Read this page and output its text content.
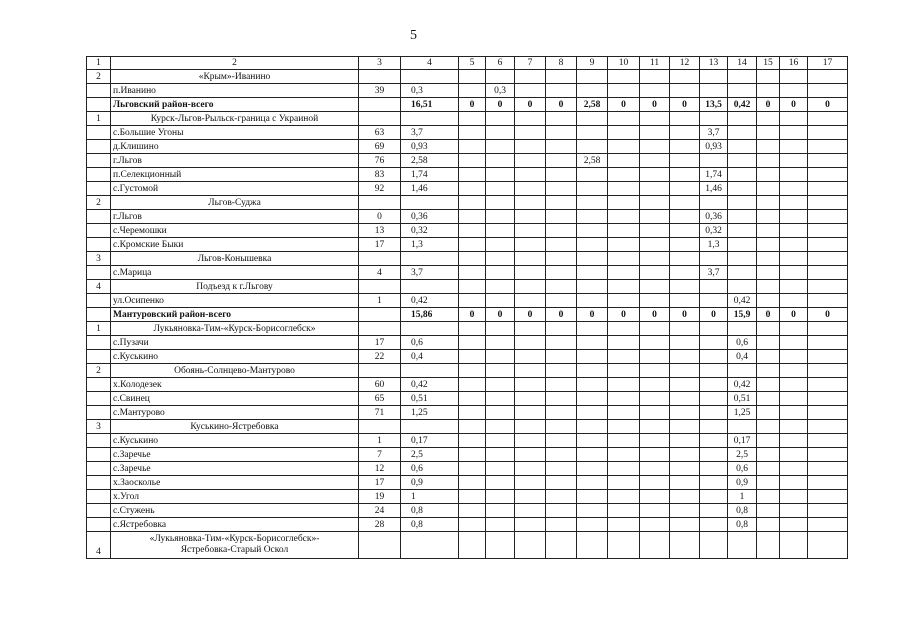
5
1	2	3	4	5	6	7	8	9	10	11	12	13	14	15	16	17
2	«Крым»-Иванино															
	п.Иванино	39	0,3		0,3											
	Льговский район-всего		16,51	0	0	0	0	2,58	0	0	0	13,5	0,42	0	0	0
1	Курск-Льгов-Рыльск-граница с Украиной															
	с.Большие Угоны	63	3,7									3,7				
	д.Клишино	69	0,93									0,93				
	г.Льгов	76	2,58					2,58								
	п.Селекционный	83	1,74									1,74				
	с.Густомой	92	1,46									1,46				
2	Льгов-Суджа															
	г.Льгов	0	0,36									0,36				
	с.Черемошки	13	0,32									0,32				
	с.Кромские Быки	17	1,3									1,3				
3	Льгов-Конышевка															
	с.Марица	4	3,7									3,7				
4	Подъезд к г.Льгову															
	ул.Осипенко	1	0,42										0,42			
	Мантуровский район-всего		15,86	0	0	0	0	0	0	0	0	0	15,9	0	0	0
1	Лукьяновка-Тим-«Курск-Борисоглебск»															
	с.Пузачи	17	0,6										0,6			
	с.Куськино	22	0,4										0,4			
2	Обоянь-Солнцево-Мантурово															
	х.Колодезек	60	0,42										0,42			
	с.Свинец	65	0,51										0,51			
	с.Мантурово	71	1,25										1,25			
3	Куськино-Ястребовка															
	с.Куськино	1	0,17										0,17			
	с.Заречье	7	2,5										2,5			
	с.Заречье	12	0,6										0,6			
	х.Заосколье	17	0,9										0,9			
	х.Угол	19	1										1			
	с.Стужень	24	0,8										0,8			
	с.Ястребовка	28	0,8										0,8			
4	«Лукьяновка-Тим-«Курск-Борисоглебск»-
Ястребовка-Старый Оскол															
